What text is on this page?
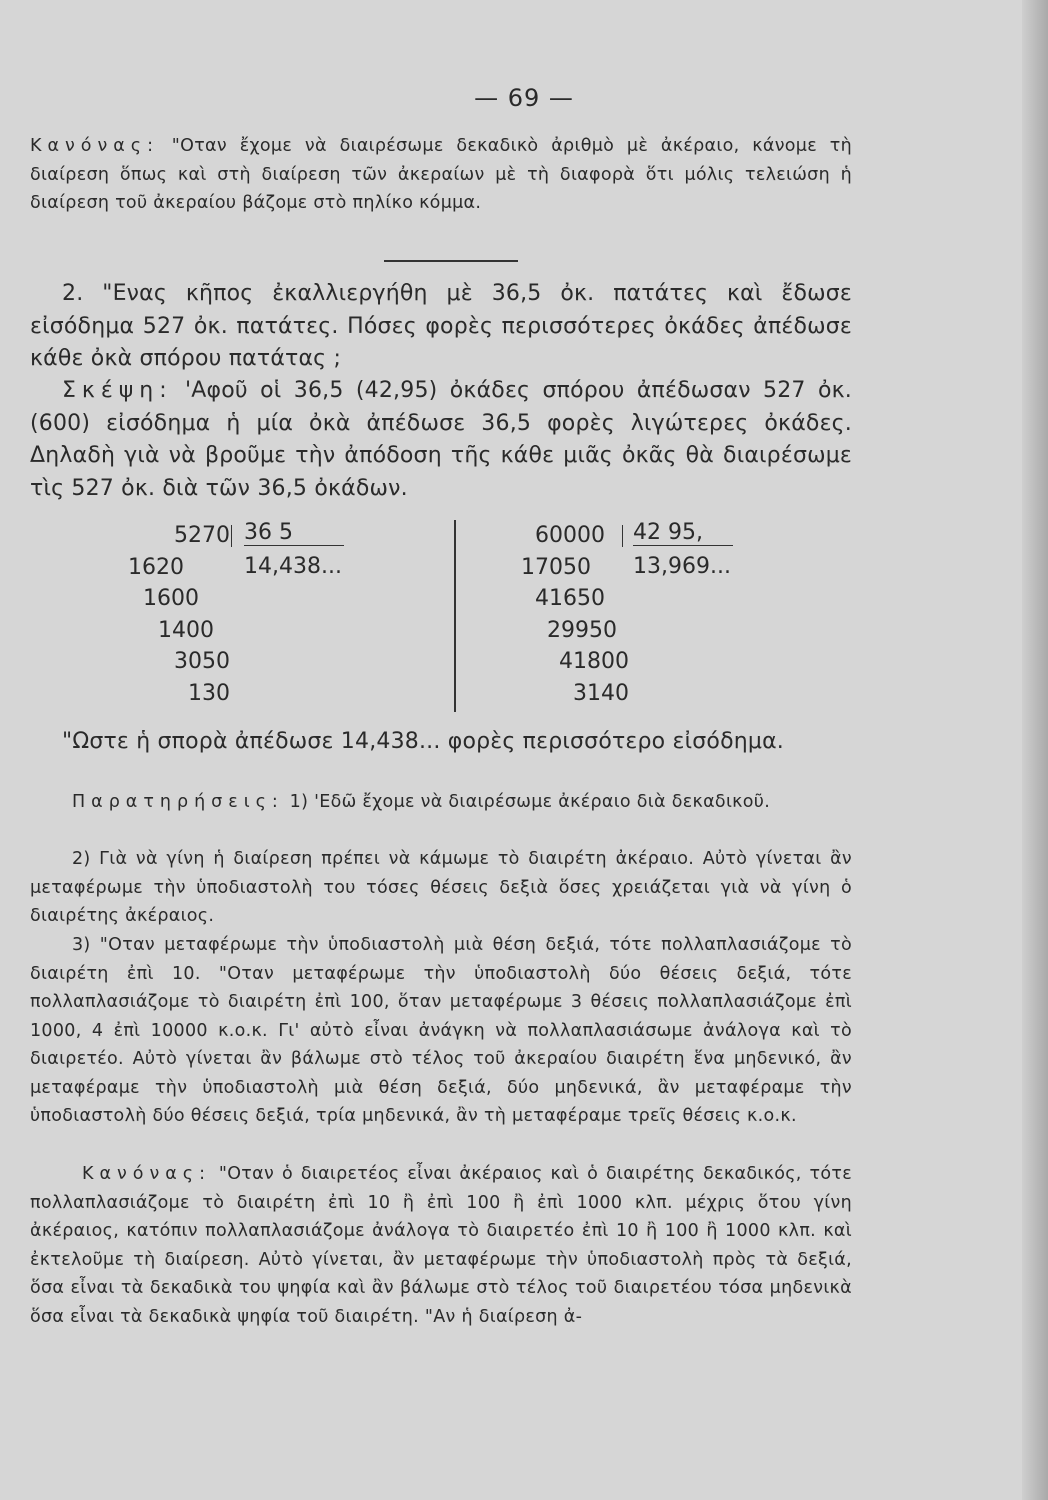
— 69 —

Κανόνας: "Οταν ἔχομε νὰ διαιρέσωμε δεκαδικὸ ἀριθμὸ μὲ ἀκέραιο, κάνομε τὴ διαίρεση ὅπως καὶ στὴ διαίρεση τῶν ἀκεραίων μὲ τὴ διαφορὰ ὅτι μόλις τελειώση ἡ διαίρεση τοῦ ἀκεραίου βάζομε στὸ πηλίκο κόμμα.

2. "Ενας κῆπος ἐκαλλιεργήθη μὲ 36,5 ὀκ. πατάτες καὶ ἔδωσε εἰσόδημα 527 ὀκ. πατάτες. Πόσες φορὲς περισσότερες ὀκάδες ἀπέδωσε κάθε ὀκὰ σπόρου πατάτας ;

Σκέψη: 'Αφοῦ οἱ 36,5 (42,95) ὀκάδες σπόρου ἀπέδωσαν 527 ὀκ. (600) εἰσόδημα ἡ μία ὀκὰ ἀπέδωσε 36,5 φορὲς λιγώτερες ὀκάδες. Δηλαδὴ γιὰ νὰ βροῦμε τὴν ἀπόδοση τῆς κάθε μιᾶς ὀκᾶς θὰ διαιρέσωμε τὶς 527 ὀκ. διὰ τῶν 36,5 ὀκάδων.

5270
1620
1600
1400
3050
130
36 5
14,438...
60000
17050
41650
29950
41800
3140
42 95,
13,969...

"Ωστε ἡ σπορὰ ἀπέδωσε 14,438... φορὲς περισσότερο εἰσόδημα.

Παρατηρήσεις: 1) 'Εδῶ ἔχομε νὰ διαιρέσωμε ἀκέραιο διὰ δεκαδικοῦ.

2) Γιὰ νὰ γίνη ἡ διαίρεση πρέπει νὰ κάμωμε τὸ διαιρέτη ἀκέραιο. Αὐτὸ γίνεται ἂν μεταφέρωμε τὴν ὑποδιαστολὴ του τόσες θέσεις δεξιὰ ὅσες χρειάζεται γιὰ νὰ γίνη ὁ διαιρέτης ἀκέραιος.

3) "Οταν μεταφέρωμε τὴν ὑποδιαστολὴ μιὰ θέση δεξιά, τότε πολλαπλασιάζομε τὸ διαιρέτη ἐπὶ 10. "Οταν μεταφέρωμε τὴν ὑποδιαστολὴ δύο θέσεις δεξιά, τότε πολλαπλασιάζομε τὸ διαιρέτη ἐπὶ 100, ὅταν μεταφέρωμε 3 θέσεις πολλαπλασιάζομε ἐπὶ 1000, 4 ἐπὶ 10000 κ.ο.κ. Γι' αὐτὸ εἶναι ἀνάγκη νὰ πολλαπλασιάσωμε ἀνάλογα καὶ τὸ διαιρετέο. Αὐτὸ γίνεται ἂν βάλωμε στὸ τέλος τοῦ ἀκεραίου διαιρέτη ἕνα μηδενικό, ἂν μεταφέραμε τὴν ὑποδιαστολὴ μιὰ θέση δεξιά, δύο μηδενικά, ἂν μεταφέραμε τὴν ὑποδιαστολὴ δύο θέσεις δεξιά, τρία μηδενικά, ἂν τὴ μεταφέραμε τρεῖς θέσεις κ.ο.κ.

Κανόνας: "Οταν ὁ διαιρετέος εἶναι ἀκέραιος καὶ ὁ διαιρέτης δεκαδικός, τότε πολλαπλασιάζομε τὸ διαιρέτη ἐπὶ 10 ἢ ἐπὶ 100 ἢ ἐπὶ 1000 κλπ. μέχρις ὅτου γίνη ἀκέραιος, κατόπιν πολλαπλασιάζομε ἀνάλογα τὸ διαιρετέο ἐπὶ 10 ἢ 100 ἢ 1000 κλπ. καὶ ἐκτελοῦμε τὴ διαίρεση. Αὐτὸ γίνεται, ἂν μεταφέρωμε τὴν ὑποδιαστολὴ πρὸς τὰ δεξιά, ὅσα εἶναι τὰ δεκαδικὰ του ψηφία καὶ ἂν βάλωμε στὸ τέλος τοῦ διαιρετέου τόσα μηδενικὰ ὅσα εἶναι τὰ δεκαδικὰ ψηφία τοῦ διαιρέτη. "Αν ἡ διαίρεση ἀ-
